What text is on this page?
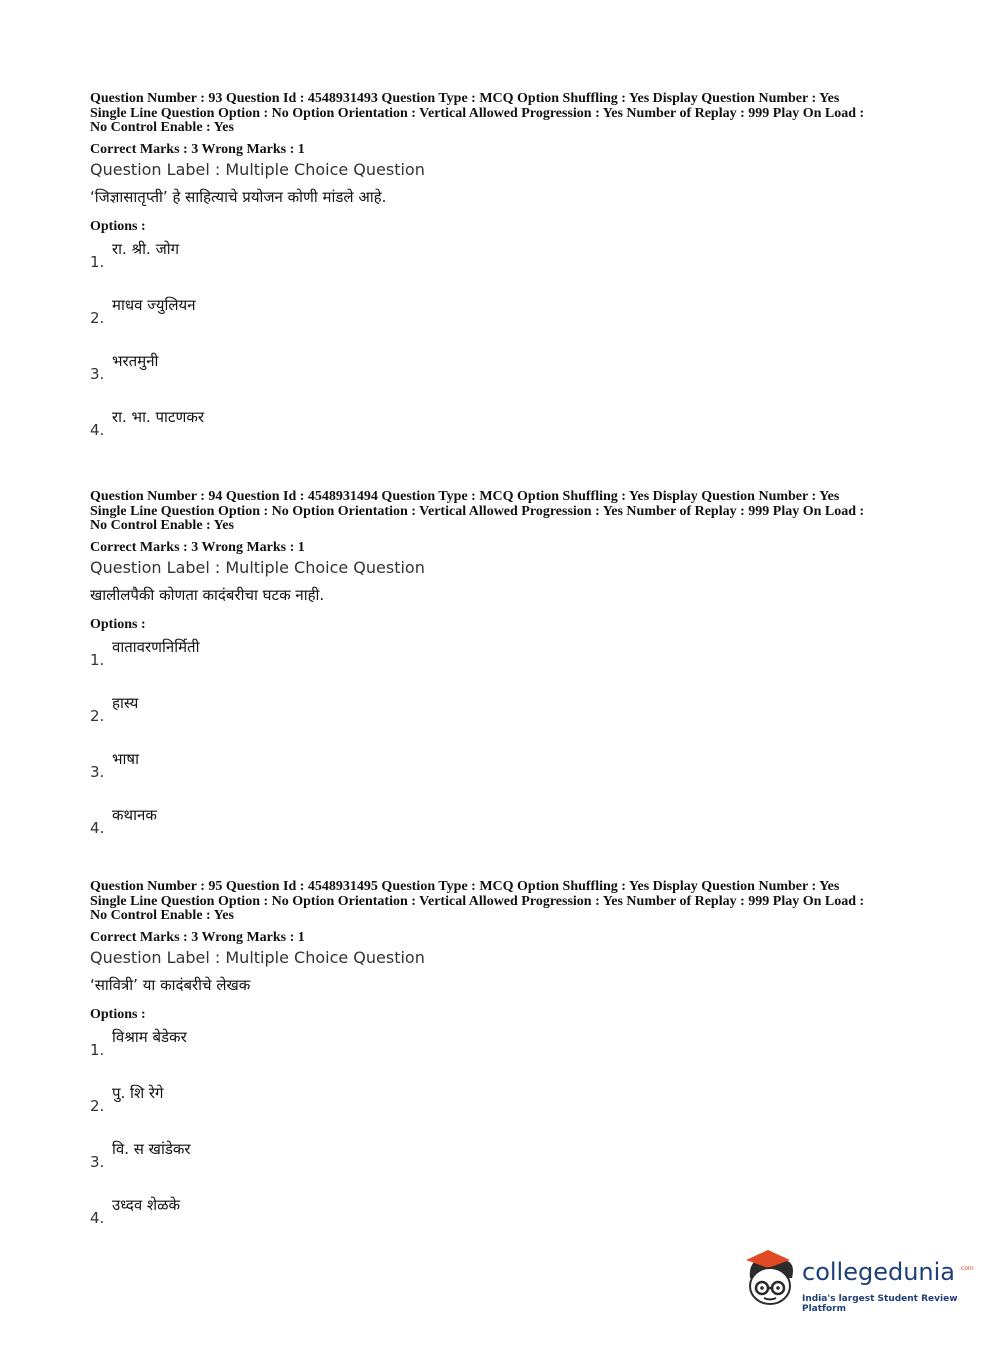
Question Number : 93 Question Id : 4548931493 Question Type : MCQ Option Shuffling : Yes Display Question Number : Yes

Single Line Question Option : No Option Orientation : Vertical Allowed Progression : Yes Number of Replay : 999 Play On Load :

No Control Enable : Yes

Correct Marks : 3 Wrong Marks : 1
Question Label : Multiple Choice Question
‘जिज्ञासातृप्ती’ हे साहित्याचे प्रयोजन कोणी मांडले आहे.
Options :
1.
रा. श्री. जोग
2.
माधव ज्युलियन
3.
भरतमुनी
4.
रा. भा. पाटणकर

Question Number : 94 Question Id : 4548931494 Question Type : MCQ Option Shuffling : Yes Display Question Number : Yes

Single Line Question Option : No Option Orientation : Vertical Allowed Progression : Yes Number of Replay : 999 Play On Load :

No Control Enable : Yes

Correct Marks : 3 Wrong Marks : 1
Question Label : Multiple Choice Question
खालीलपैकी कोणता कादंबरीचा घटक नाही.
Options :
1.
वातावरणनिर्मिती
2.
हास्य
3.
भाषा
4.
कथानक

Question Number : 95 Question Id : 4548931495 Question Type : MCQ Option Shuffling : Yes Display Question Number : Yes

Single Line Question Option : No Option Orientation : Vertical Allowed Progression : Yes Number of Replay : 999 Play On Load :

No Control Enable : Yes

Correct Marks : 3 Wrong Marks : 1
Question Label : Multiple Choice Question
‘सावित्री’ या कादंबरीचे लेखक
Options :
1.
विश्राम बेडेकर
2.
पु. शि रेगे
3.
वि. स खांडेकर
4.
उध्दव शेळके
collegedunia .com
India's largest Student Review Platform
